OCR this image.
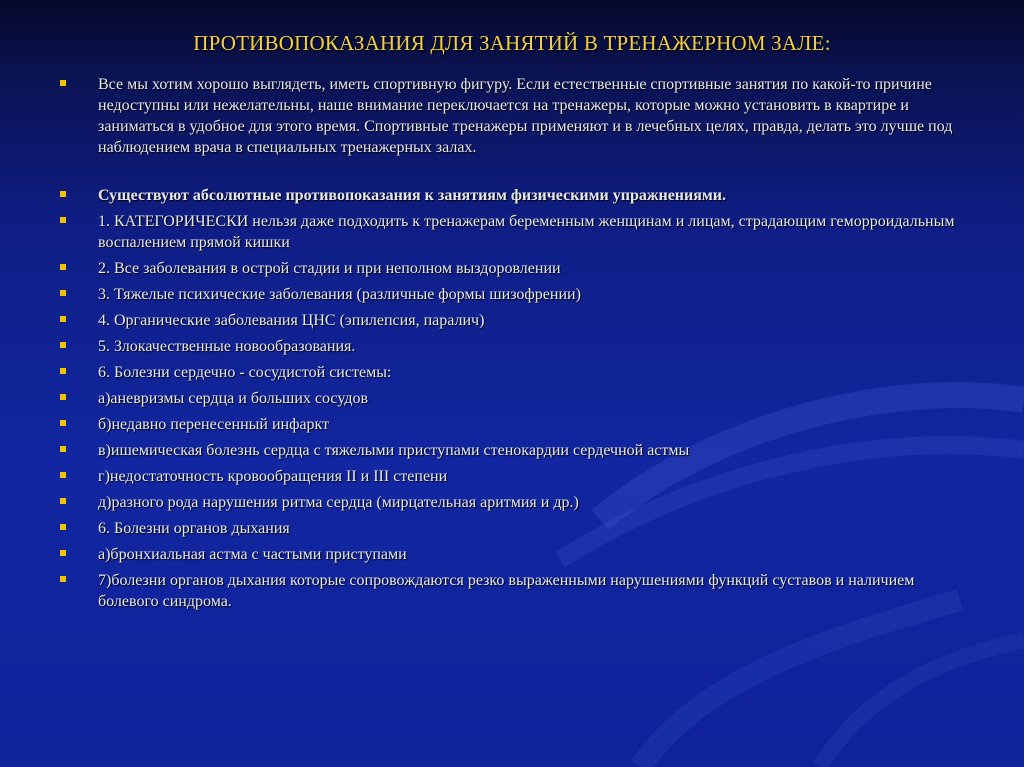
ПРОТИВОПОКАЗАНИЯ ДЛЯ ЗАНЯТИЙ В ТРЕНАЖЕРНОМ ЗАЛЕ:
Все мы хотим хорошо выглядеть, иметь спортивную фигуру. Если естественные спортивные занятия по какой-то причине недоступны или нежелательны, наше внимание переключается на тренажеры, которые можно установить в квартире и заниматься в удобное для этого время. Спортивные тренажеры применяют и в лечебных целях, правда, делать это лучше под наблюдением врача в специальных тренажерных залах.
Существуют абсолютные противопоказания к занятиям физическими упражнениями.
1. КАТЕГОРИЧЕСКИ нельзя даже подходить к тренажерам беременным женщинам и лицам, страдающим геморроидальным воспалением прямой кишки
2. Все заболевания в острой стадии и при неполном выздоровлении
3. Тяжелые психические заболевания (различные формы шизофрении)
4. Органические заболевания ЦНС (эпилепсия, паралич)
5. Злокачественные новообразования.
6. Болезни сердечно - сосудистой системы:
а)аневризмы сердца и больших сосудов
б)недавно перенесенный инфаркт
в)ишемическая болезнь сердца с тяжелыми приступами стенокардии сердечной астмы
г)недостаточность кровообращения II и III степени
д)разного рода нарушения ритма сердца (мирцательная аритмия и др.)
6. Болезни органов дыхания
а)бронхиальная астма с частыми приступами
7)болезни органов дыхания которые сопровождаются резко выраженными нарушениями функций суставов и наличием болевого синдрома.
